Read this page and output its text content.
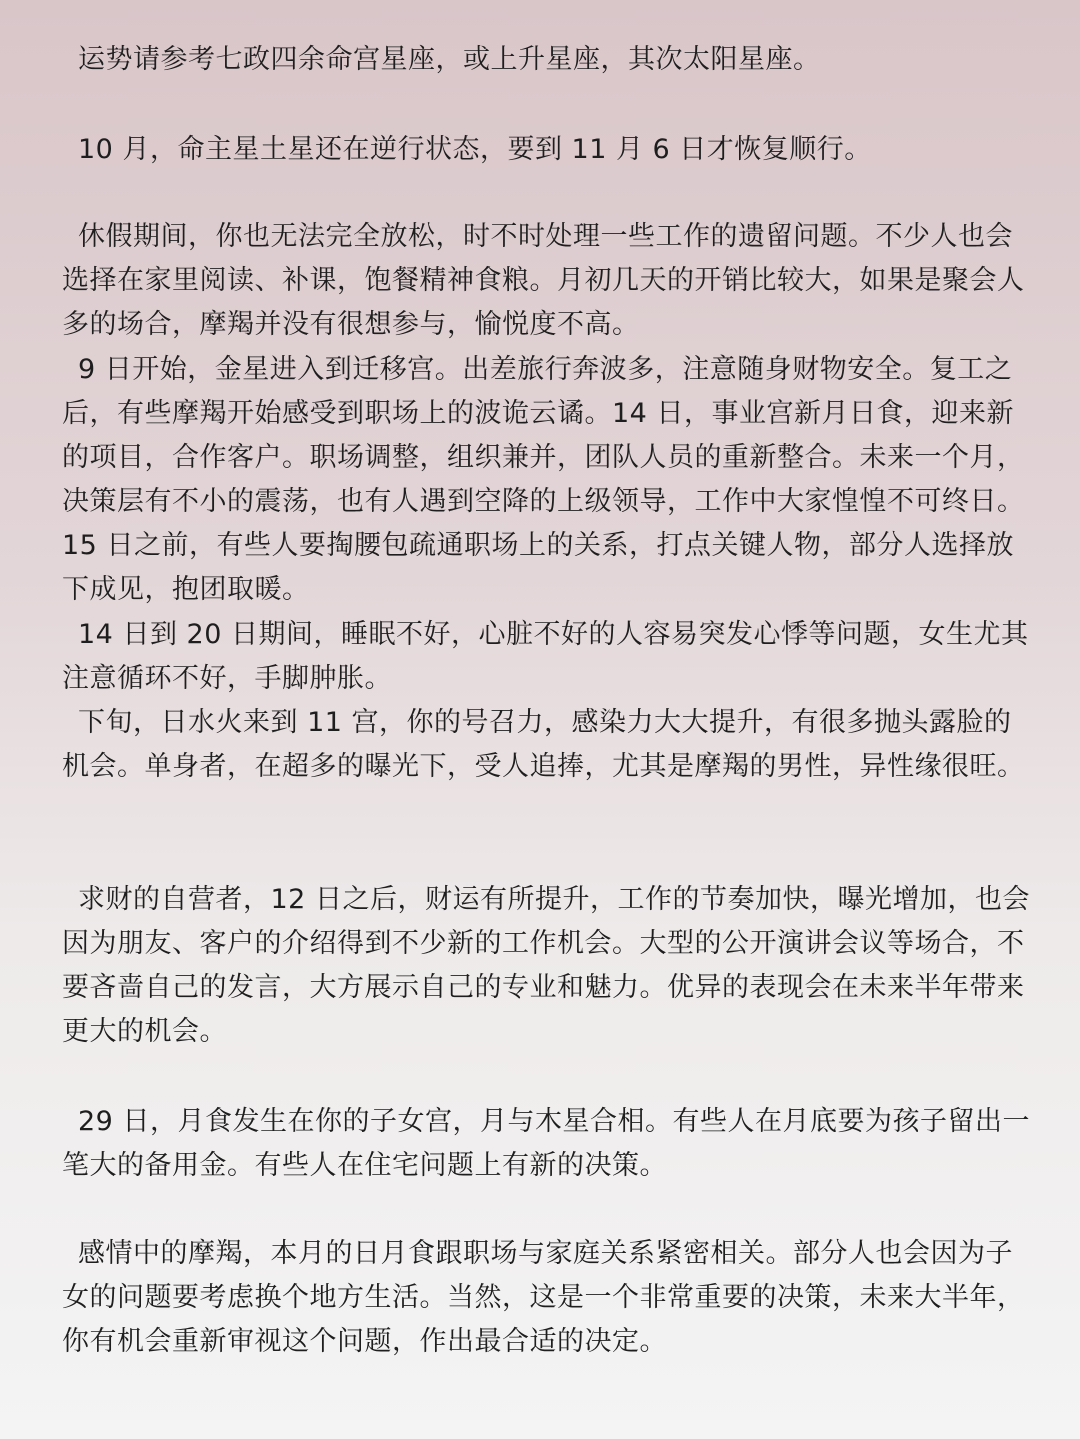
运势请参考七政四余命宫星座，或上升星座，其次太阳星座。

10 月，命主星土星还在逆行状态，要到 11 月 6 日才恢复顺行。

休假期间，你也无法完全放松，时不时处理一些工作的遗留问题。不少人也会选择在家里阅读、补课，饱餐精神食粮。月初几天的开销比较大，如果是聚会人多的场合，摩羯并没有很想参与，愉悦度不高。

9 日开始，金星进入到迁移宫。出差旅行奔波多，注意随身财物安全。复工之后，有些摩羯开始感受到职场上的波诡云谲。14 日，事业宫新月日食，迎来新的项目，合作客户。职场调整，组织兼并，团队人员的重新整合。未来一个月，决策层有不小的震荡，也有人遇到空降的上级领导，工作中大家惶惶不可终日。15 日之前，有些人要掏腰包疏通职场上的关系，打点关键人物，部分人选择放下成见，抱团取暖。

14 日到 20 日期间，睡眠不好，心脏不好的人容易突发心悸等问题，女生尤其注意循环不好，手脚肿胀。

下旬，日水火来到 11 宫，你的号召力，感染力大大提升，有很多抛头露脸的机会。单身者，在超多的曝光下，受人追捧，尤其是摩羯的男性，异性缘很旺。

求财的自营者，12 日之后，财运有所提升，工作的节奏加快，曝光增加，也会因为朋友、客户的介绍得到不少新的工作机会。大型的公开演讲会议等场合，不要吝啬自己的发言，大方展示自己的专业和魅力。优异的表现会在未来半年带来更大的机会。

29 日，月食发生在你的子女宫，月与木星合相。有些人在月底要为孩子留出一笔大的备用金。有些人在住宅问题上有新的决策。

感情中的摩羯，本月的日月食跟职场与家庭关系紧密相关。部分人也会因为子女的问题要考虑换个地方生活。当然，这是一个非常重要的决策，未来大半年，你有机会重新审视这个问题，作出最合适的决定。
